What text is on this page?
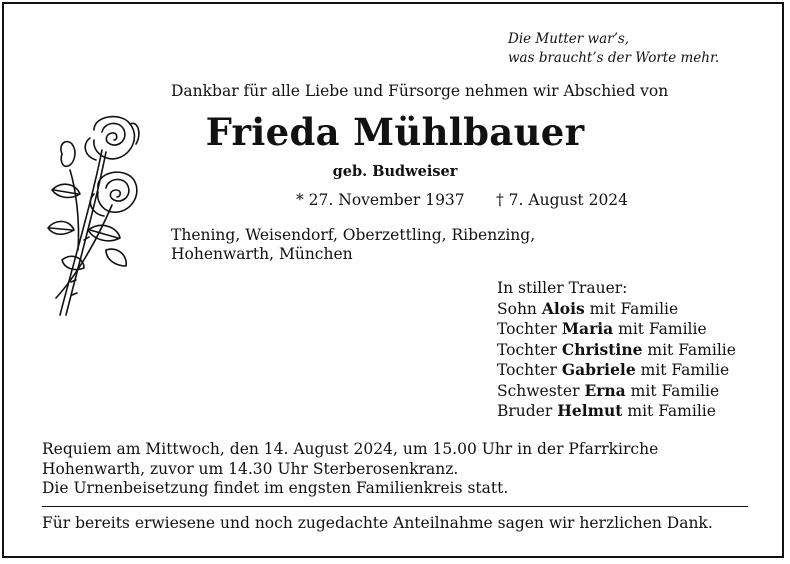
Die Mutter war’s,
was braucht’s der Worte mehr.
Dankbar für alle Liebe und Fürsorge nehmen wir Abschied von
Frieda Mühlbauer
geb. Budweiser
* 27. November 1937 † 7. August 2024
Thening, Weisendorf, Oberzettling, Ribenzing,
Hohenwarth, München
In stiller Trauer:
Sohn Alois mit Familie
Tochter Maria mit Familie
Tochter Christine mit Familie
Tochter Gabriele mit Familie
Schwester Erna mit Familie
Bruder Helmut mit Familie
Requiem am Mittwoch, den 14. August 2024, um 15.00 Uhr in der Pfarrkirche
Hohenwarth, zuvor um 14.30 Uhr Sterberosenkranz.
Die Urnenbeisetzung findet im engsten Familienkreis statt.
Für bereits erwiesene und noch zugedachte Anteilnahme sagen wir herzlichen Dank.
